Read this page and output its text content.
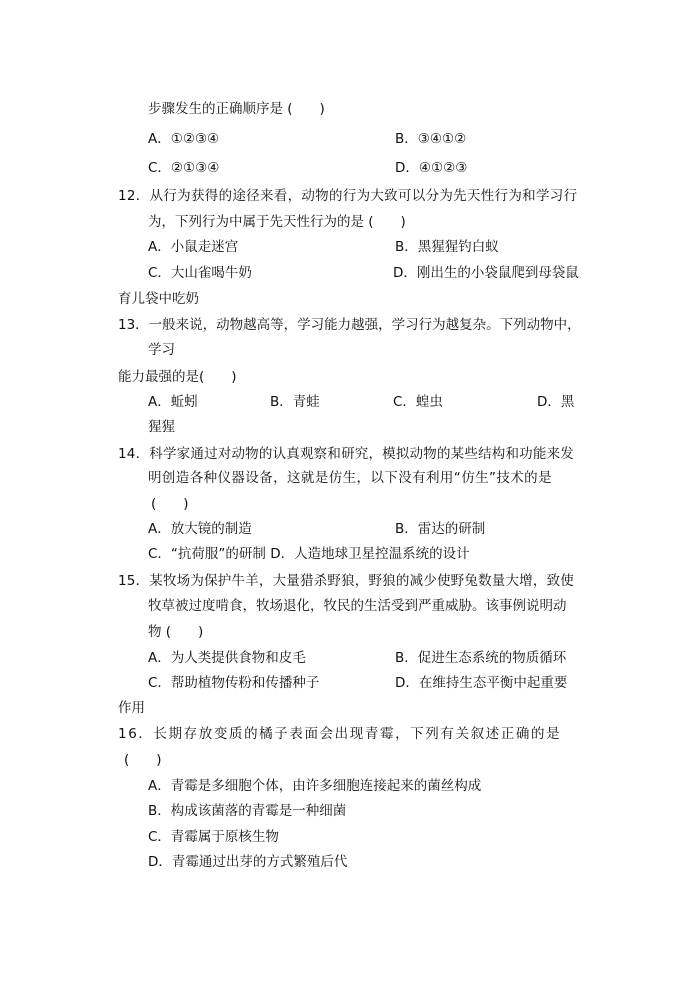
步骤发生的正确顺序是 (　　)
A．①②③④	B．③④①②
C．②①③④	D．④①②③
12．从行为获得的途径来看，动物的行为大致可以分为先天性行为和学习行
为，下列行为中属于先天性行为的是 (　　)
A．小鼠走迷宫	B．黑猩猩钓白蚁
C．大山雀喝牛奶	D．刚出生的小袋鼠爬到母袋鼠
育儿袋中吃奶
13．一般来说，动物越高等，学习能力越强，学习行为越复杂。下列动物中，
学习
能力最强的是(　　)
A．蚯蚓	B．青蛙	C．蝗虫	D．黑
猩猩
14．科学家通过对动物的认真观察和研究，模拟动物的某些结构和功能来发
明创造各种仪器设备，这就是仿生，以下没有利用“仿生”技术的是
(　　)
A．放大镜的制造	B．雷达的研制
C．“抗荷服”的研制 D．人造地球卫星控温系统的设计
15．某牧场为保护牛羊，大量猎杀野狼，野狼的减少使野兔数量大增，致使
牧草被过度啃食，牧场退化，牧民的生活受到严重威胁。该事例说明动
物 (　　)
A．为人类提供食物和皮毛	B．促进生态系统的物质循环
C．帮助植物传粉和传播种子	D．在维持生态平衡中起重要
作用
16．长期存放变质的橘子表面会出现青霉，下列有关叙述正确的是
(　　)
A．青霉是多细胞个体，由许多细胞连接起来的菌丝构成
B．构成该菌落的青霉是一种细菌
C．青霉属于原核生物
D．青霉通过出芽的方式繁殖后代
